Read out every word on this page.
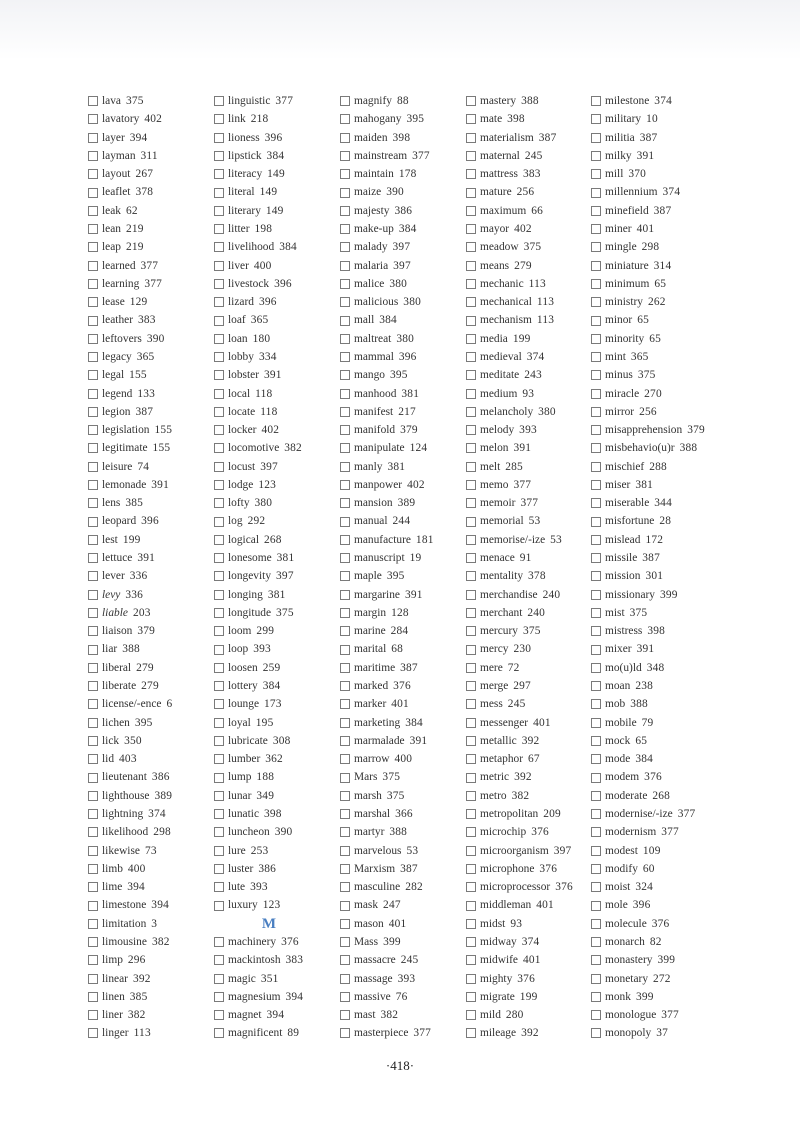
lava 375
lavatory 402
layer 394
layman 311
layout 267
leaflet 378
leak 62
lean 219
leap 219
learned 377
learning 377
lease 129
leather 383
leftovers 390
legacy 365
legal 155
legend 133
legion 387
legislation 155
legitimate 155
leisure 74
lemonade 391
lens 385
leopard 396
lest 199
lettuce 391
lever 336
levy 336
liable 203
liaison 379
liar 388
liberal 279
liberate 279
license/-ence 6
lichen 395
lick 350
lid 403
lieutenant 386
lighthouse 389
lightning 374
likelihood 298
likewise 73
limb 400
lime 394
limestone 394
limitation 3
limousine 382
limp 296
linear 392
linen 385
liner 382
linger 113
linguistic 377
link 218
lioness 396
lipstick 384
literacy 149
literal 149
literary 149
litter 198
livelihood 384
liver 400
livestock 396
lizard 396
loaf 365
loan 180
lobby 334
lobster 391
local 118
locate 118
locker 402
locomotive 382
locust 397
lodge 123
lofty 380
log 292
logical 268
lonesome 381
longevity 397
longing 381
longitude 375
loom 299
loop 393
loosen 259
lottery 384
lounge 173
loyal 195
lubricate 308
lumber 362
lump 188
lunar 349
lunatic 398
luncheon 390
lure 253
luster 386
lute 393
luxury 123
M
machinery 376
mackintosh 383
magic 351
magnesium 394
magnet 394
magnificent 89
magnify 88
mahogany 395
maiden 398
mainstream 377
maintain 178
maize 390
majesty 386
make-up 384
malady 397
malaria 397
malice 380
malicious 380
mall 384
maltreat 380
mammal 396
mango 395
manhood 381
manifest 217
manifold 379
manipulate 124
manly 381
manpower 402
mansion 389
manual 244
manufacture 181
manuscript 19
maple 395
margarine 391
margin 128
marine 284
marital 68
maritime 387
marked 376
marker 401
marketing 384
marmalade 391
marrow 400
Mars 375
marsh 375
marshal 366
martyr 388
marvelous 53
Marxism 387
masculine 282
mask 247
mason 401
Mass 399
massacre 245
massage 393
massive 76
mast 382
masterpiece 377
mastery 388
mate 398
materialism 387
maternal 245
mattress 383
mature 256
maximum 66
mayor 402
meadow 375
means 279
mechanic 113
mechanical 113
mechanism 113
media 199
medieval 374
meditate 243
medium 93
melancholy 380
melody 393
melon 391
melt 285
memo 377
memoir 377
memorial 53
memorise/-ize 53
menace 91
mentality 378
merchandise 240
merchant 240
mercury 375
mercy 230
mere 72
merge 297
mess 245
messenger 401
metallic 392
metaphor 67
metric 392
metro 382
metropolitan 209
microchip 376
microorganism 397
microphone 376
microprocessor 376
middleman 401
midst 93
midway 374
midwife 401
mighty 376
migrate 199
mild 280
mileage 392
milestone 374
military 10
militia 387
milky 391
mill 370
millennium 374
minefield 387
miner 401
mingle 298
miniature 314
minimum 65
ministry 262
minor 65
minority 65
mint 365
minus 375
miracle 270
mirror 256
misapprehension 379
misbehavio(u)r 388
mischief 288
miser 381
miserable 344
misfortune 28
mislead 172
missile 387
mission 301
missionary 399
mist 375
mistress 398
mixer 391
mo(u)ld 348
moan 238
mob 388
mobile 79
mock 65
mode 384
modem 376
moderate 268
modernise/-ize 377
modernism 377
modest 109
modify 60
moist 324
mole 396
molecule 376
monarch 82
monastery 399
monetary 272
monk 399
monologue 377
monopoly 37
·418·
